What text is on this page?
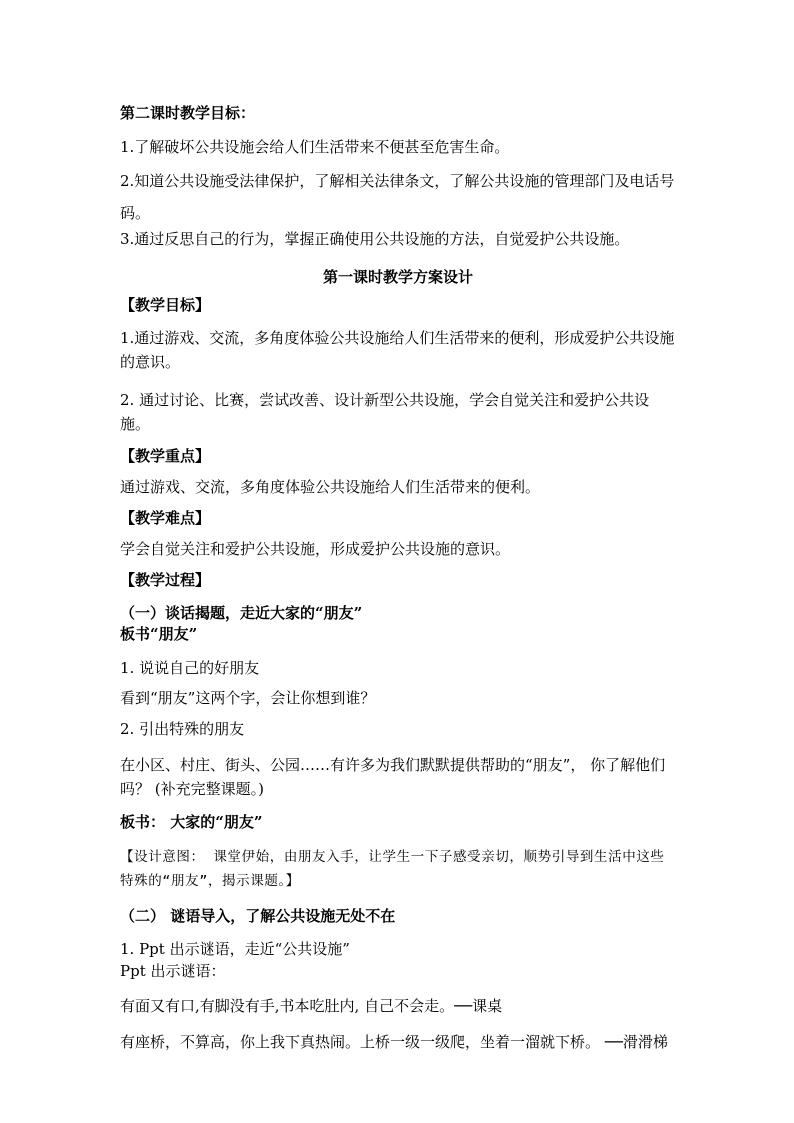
第二课时教学目标：

1.了解破坏公共设施会给人们生活带来不便甚至危害生命。

2.知道公共设施受法律保护，了解相关法律条文，了解公共设施的管理部门及电话号码。

3.通过反思自己的行为，掌握正确使用公共设施的方法，自觉爱护公共设施。

第一课时教学方案设计

【教学目标】

1.通过游戏、交流，多角度体验公共设施给人们生活带来的便利，形成爱护公共设施的意识。

2. 通过讨论、比赛，尝试改善、设计新型公共设施，学会自觉关注和爱护公共设施。

【教学重点】

通过游戏、交流，多角度体验公共设施给人们生活带来的便利。

【教学难点】

学会自觉关注和爱护公共设施，形成爱护公共设施的意识。

【教学过程】

（一）谈话揭题，走近大家的“朋友”

板书“朋友”

1. 说说自己的好朋友

看到“朋友”这两个字，会让你想到谁？

2. 引出特殊的朋友

在小区、村庄、街头、公园……有许多为我们默默提供帮助的“朋友”， 你了解他们吗？ (补充完整课题。)

板书： 大家的“朋友”

【设计意图： 课堂伊始，由朋友入手，让学生一下子感受亲切，顺势引导到生活中这些特殊的“朋友”，揭示课题。】

（二） 谜语导入，了解公共设施无处不在

1. Ppt 出示谜语，走近“公共设施”

Ppt 出示谜语：

有面又有口,有脚没有手,书本吃肚内, 自己不会走。──课桌

有座桥，不算高，你上我下真热闹。上桥一级一级爬，坐着一溜就下桥。 ──滑滑梯
